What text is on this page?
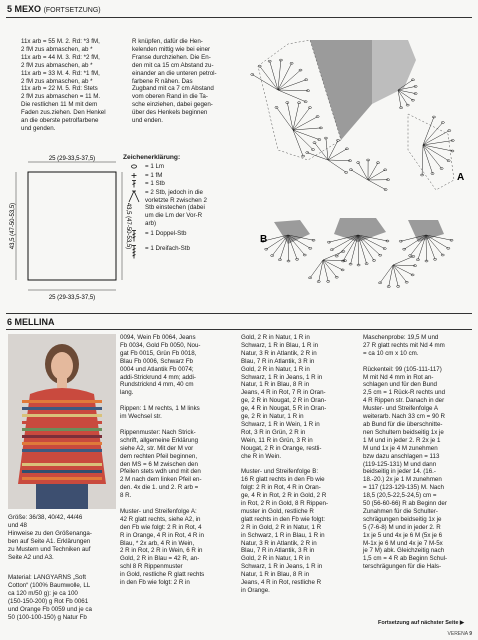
5 MEXO (FORTSETZUNG)
11x arb = 55 M. 2. Rd: *3 fM,
2 fM zus abmaschen, ab *
11x arb = 44 M. 3. Rd: *2 fM,
2 fM zus abmaschen, ab *
11x arb = 33 M. 4. Rd: *1 fM,
2 fM zus abmaschen, ab *
11x arb = 22 M. 5. Rd: Stets
2 fM zus abmaschen = 11 M.
Die restlichen 11 M mit dem
Faden zus.ziehen. Den Henkel
an die oberste petrolfarbene
und genden.
R knüpfen, dafür die Hen-
kelenden mittig wie bei einer
Franse durchziehen. Die En-
den mit ca 15 cm Abstand zu-
einander an die unteren petrol-
farbene R nähen. Das
Zugband mit ca 7 cm Abstand
vom oberen Rand in die Ta-
sche einziehen, dabei gegen-
über des Henkels beginnen
und enden.
25 (29-33,5-37,5)
25 (29-33,5-37,5)
43,5 (47-50-53,5)	43,5 (47-50-53,5)
Zeichenerklärung:
= 1 Lm
= 1 fM
= 1 Stb
= 2 Stb, jedoch in die
vorletzte R zwischen 2
Stb einstechen (dabei
um die Lm der Vor-R
arb)
= 1 Doppel-Stb
= 1 Dreifach-Stb
A
B
6 MELLINA
Größe: 36/38, 40/42, 44/46
und 48
Hinweise zu den Größenanga-
ben auf Seite A1. Erklärungen
zu Mustern und Techniken auf
Seite A2 und A3.
Material: LANGYARNS „Soft
Cotton“ (100% Baumwolle, LL
ca 120 m/50 g): je ca 100
(150-150-200) g Rot Fb 0061
und Orange Fb 0059 und je ca
50 (100-100-150) g Natur Fb
0094, Wein Fb 0064, Jeans
Fb 0034, Gold Fb 0050, Nou-
gat Fb 0015, Grün Fb 0018,
Blau Fb 0006, Schwarz Fb
0004 und Atlantik Fb 0074;
addi-Strickrund 4 mm; addi-
Rundstricknd 4 mm, 40 cm
lang.

Rippen: 1 M rechts, 1 M links
im Wechsel str.

Rippenmuster: Nach Strick-
schrift, allgemeine Erklärung
siehe A2, str. Mit der M vor
dem rechten Pfeil beginnen,
den MS = 6 M zwischen den
Pfeilen stets wdh und mit den
2 M nach dem linken Pfeil en-
den. 4x die 1. und 2. R arb =
8 R.

Muster- und Streifenfolge A:
42 R glatt rechts, siehe A2, in
den Fb wie folgt: 2 R in Rot, 4
R in Orange, 4 R in Rot, 4 R in
Blau, * 2x arb, 4 R in Wein,
2 R in Rot, 2 R in Wein, 6 R in
Gold, 2 R in Blau = 42 R, an-
schl 8 R Rippenmuster
in Gold, restliche R glatt rechts
in den Fb wie folgt: 2 R in
Gold, 2 R in Natur, 1 R in
Schwarz, 1 R in Blau, 1 R in
Natur, 3 R in Atlantik, 2 R in
Blau, 7 R in Atlantik, 3 R in
Gold, 2 R in Natur, 1 R in
Schwarz, 1 R in Jeans, 1 R in
Natur, 1 R in Blau, 8 R in
Jeans, 4 R in Rot, 7 R in Oran-
ge, 2 R in Nougat, 2 R in Oran-
ge, 4 R in Nougat, 5 R in Oran-
ge, 2 R in Natur, 1 R in
Schwarz, 1 R in Wein, 1 R in
Rot, 3 R in Grün, 2 R in
Wein, 11 R in Grün, 3 R in
Nougat, 2 R in Orange, restli-
che R in Wein.

Muster- und Streifenfolge B:
16 R glatt rechts in den Fb wie
folgt: 2 R in Rot, 4 R in Oran-
ge, 4 R in Rot, 2 R in Gold, 2 R
in Rot, 2 R in Gold, 8 R Rippen-
muster in Gold, restliche R
glatt rechts in den Fb wie folgt:
2 R in Gold, 2 R in Natur, 1 R
in Schwarz, 1 R in Blau, 1 R in
Natur, 3 R in Atlantik, 2 R in
Blau, 7 R in Atlantik, 3 R in
Gold, 2 R in Natur, 1 R in
Schwarz, 1 R in Jeans, 1 R in
Natur, 1 R in Blau, 8 R in
Jeans, 4 R in Rot, restliche R
in Orange.
Maschenprobe: 19,5 M und
27 R glatt rechts mit Nd 4 mm
= ca 10 cm x 10 cm.

Rückenteil: 99 (105-111-117)
M mit Nd 4 mm in Rot an-
schlagen und für den Bund
2,5 cm = 1 Rück-R rechts und
4 R Rippen str. Danach in der
Muster- und Streifenfolge A
weiterarb. Nach 33 cm = 90 R
ab Bund für die überschnitte-
nen Schultern beidseitig 1x je
1 M und in jeder 2. R 2x je 1
M und 1x je 4 M zunehmen
bzw dazu anschlagen = 113
(119-125-131) M und dann
beidseitig in jeder 14. (16.-
18.-20.) 2x je 1 M zunehmen
= 117 (123-129-135) M. Nach
18,5 (20,5-22,5-24,5) cm =
50 (56-60-66) R ab Beginn der
Zunahmen für die Schulter-
schrägungen beidseitig 1x je
5 (7-6-8) M und in jeder 2. R
1x je 5 und 4x je 6 M (5x je 6
M-1x je 6 M und 4x je 7 M-5x
je 7 M) abk. Gleichzeitig nach
1,5 cm = 4 R ab Beginn Schul-
terschrägungen für die Hals-
Fortsetzung auf nächster Seite ▶
VERENA 9
